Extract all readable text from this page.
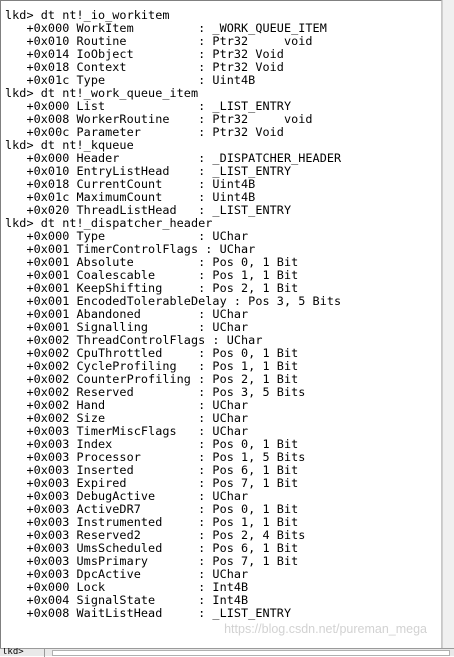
lkd> dt nt!_io_workitem
+0x000 WorkItem         : _WORK_QUEUE_ITEM
+0x010 Routine          : Ptr32     void
+0x014 IoObject         : Ptr32 Void
+0x018 Context          : Ptr32 Void
+0x01c Type             : Uint4B
lkd> dt nt!_work_queue_item
+0x000 List             : _LIST_ENTRY
+0x008 WorkerRoutine    : Ptr32     void
+0x00c Parameter        : Ptr32 Void
lkd> dt nt!_kqueue
+0x000 Header           : _DISPATCHER_HEADER
+0x010 EntryListHead    : _LIST_ENTRY
+0x018 CurrentCount     : Uint4B
+0x01c MaximumCount     : Uint4B
+0x020 ThreadListHead   : _LIST_ENTRY
lkd> dt nt!_dispatcher_header
+0x000 Type             : UChar
+0x001 TimerControlFlags : UChar
+0x001 Absolute         : Pos 0, 1 Bit
+0x001 Coalescable      : Pos 1, 1 Bit
+0x001 KeepShifting     : Pos 2, 1 Bit
+0x001 EncodedTolerableDelay : Pos 3, 5 Bits
+0x001 Abandoned        : UChar
+0x001 Signalling       : UChar
+0x002 ThreadControlFlags : UChar
+0x002 CpuThrottled     : Pos 0, 1 Bit
+0x002 CycleProfiling   : Pos 1, 1 Bit
+0x002 CounterProfiling : Pos 2, 1 Bit
+0x002 Reserved         : Pos 3, 5 Bits
+0x002 Hand             : UChar
+0x002 Size             : UChar
+0x003 TimerMiscFlags   : UChar
+0x003 Index            : Pos 0, 1 Bit
+0x003 Processor        : Pos 1, 5 Bits
+0x003 Inserted         : Pos 6, 1 Bit
+0x003 Expired          : Pos 7, 1 Bit
+0x003 DebugActive      : UChar
+0x003 ActiveDR7        : Pos 0, 1 Bit
+0x003 Instrumented     : Pos 1, 1 Bit
+0x003 Reserved2        : Pos 2, 4 Bits
+0x003 UmsScheduled     : Pos 6, 1 Bit
+0x003 UmsPrimary       : Pos 7, 1 Bit
+0x003 DpcActive        : UChar
+0x000 Lock             : Int4B
+0x004 SignalState      : Int4B
+0x008 WaitListHead     : _LIST_ENTRY
https://blog.csdn.net/pureman_mega
lkd>
